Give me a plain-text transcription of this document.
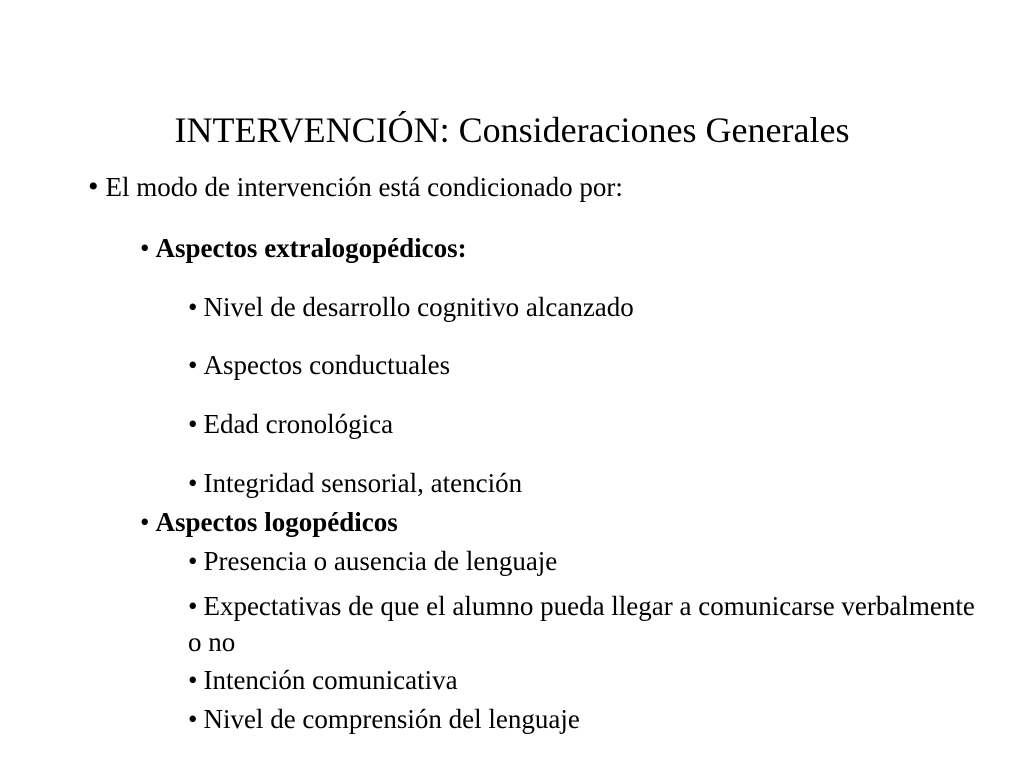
INTERVENCIÓN: Consideraciones Generales
• El modo de intervención está condicionado por:
• Aspectos extralogopédicos:
• Nivel de desarrollo cognitivo alcanzado
• Aspectos conductuales
• Edad cronológica
• Integridad sensorial, atención
• Aspectos logopédicos
• Presencia o ausencia de lenguaje
• Expectativas de que el alumno pueda llegar a comunicarse verbalmente o no
• Intención comunicativa
• Nivel de comprensión del lenguaje
